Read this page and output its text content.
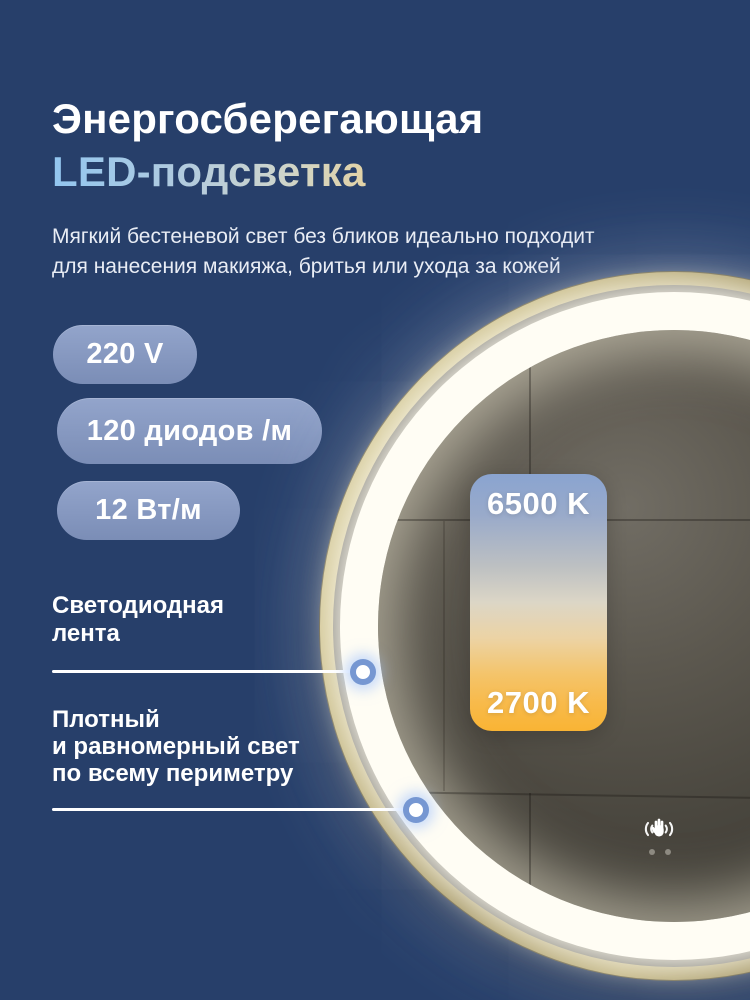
Энергосберегающая
LED-подсветка

Мягкий бестеневой свет без бликов идеально подходит
для нанесения макияжа, бритья или ухода за кожей

220 V
120 диодов /м
12 Вт/м	6500 K
2700 K

Светодиодная
лента

Плотный
и равномерный свет
по всему периметру
